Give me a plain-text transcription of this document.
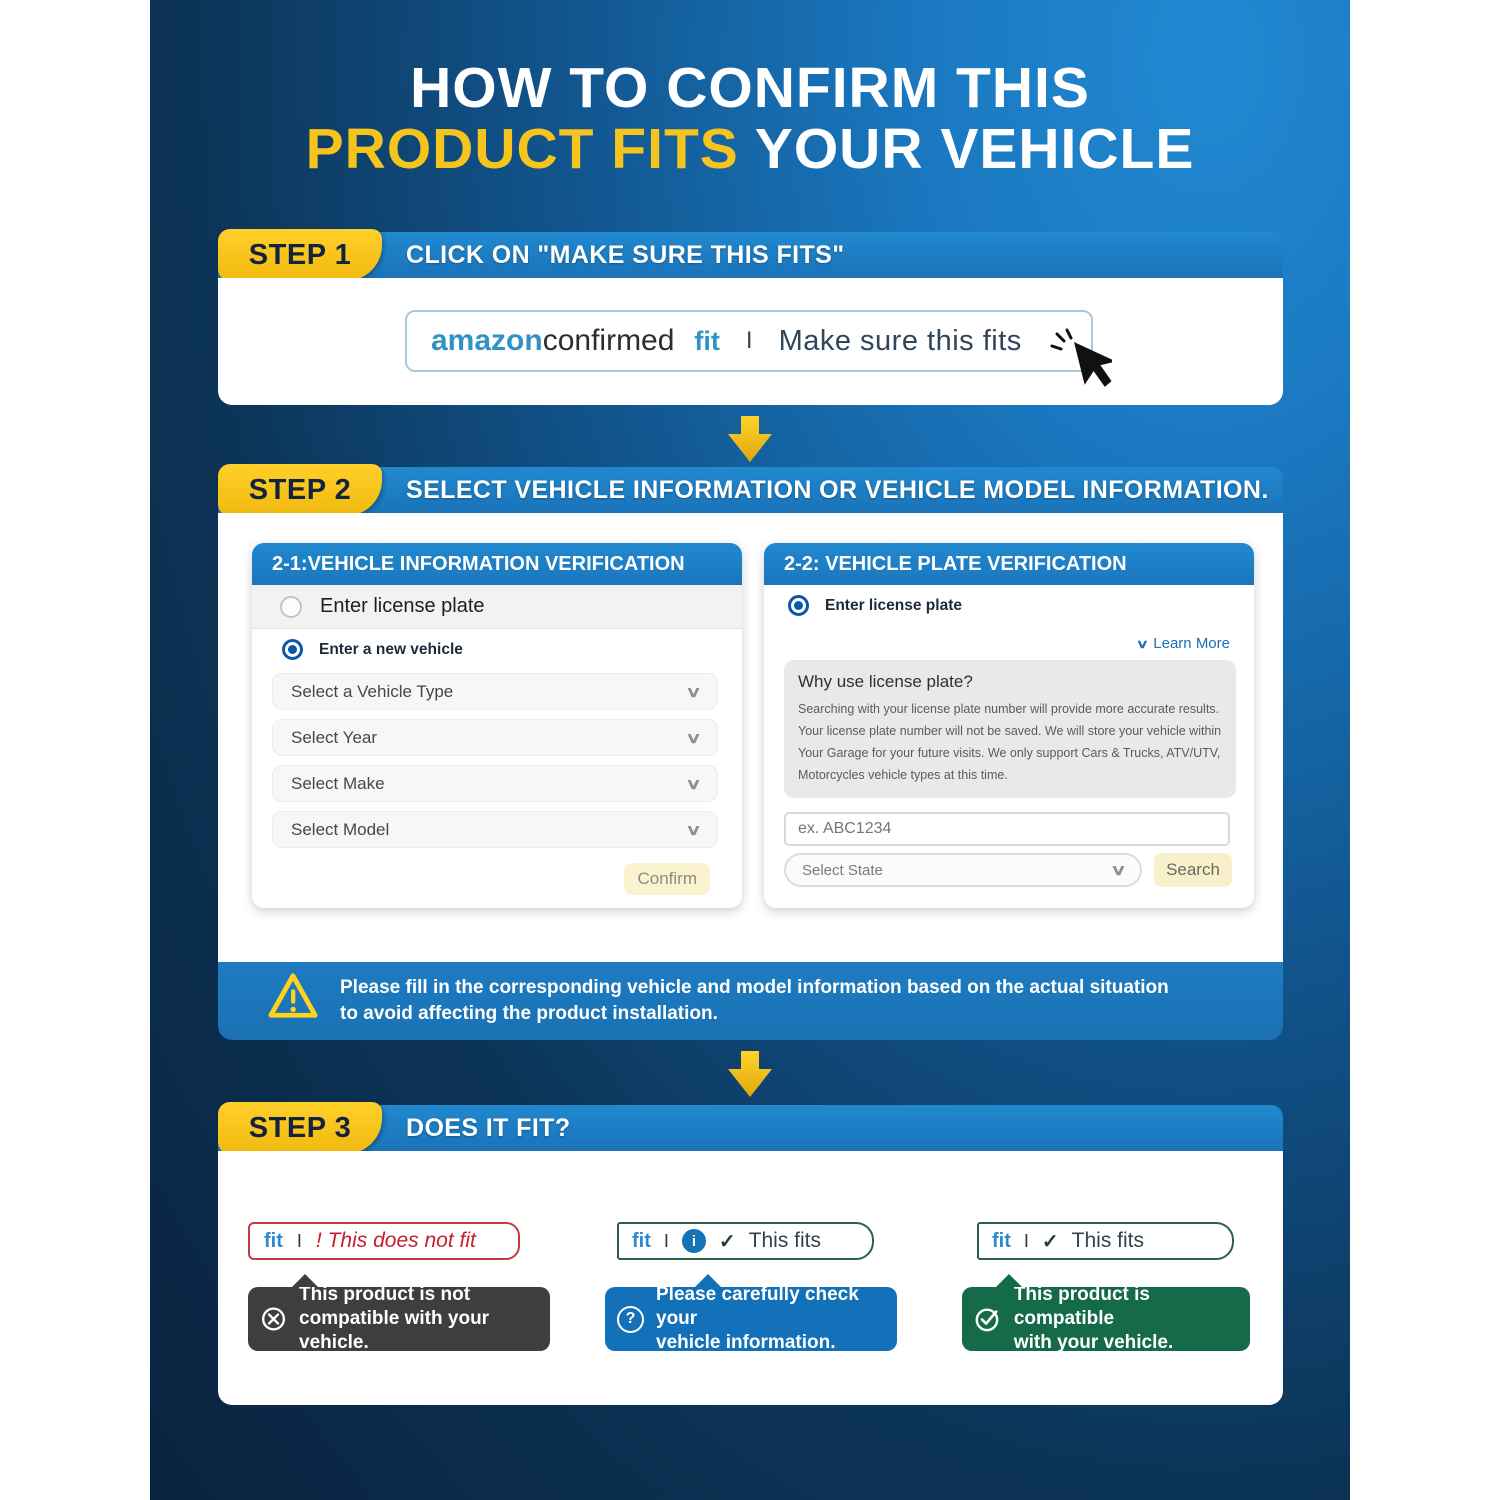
HOW TO CONFIRM THIS
PRODUCT FITS YOUR VEHICLE
CLICK ON "MAKE SURE THIS FITS"
STEP 1
amazon confirmed fit I Make sure this fits
SELECT VEHICLE INFORMATION OR VEHICLE MODEL INFORMATION.
STEP 2
2-1:VEHICLE INFORMATION VERIFICATION
Enter license plate
Enter a new vehicle
Select a Vehicle Type	∨
Select Year	∨
Select Make	∨
Select Model	∨
Confirm
2-2: VEHICLE PLATE VERIFICATION
Enter license plate
∨ Learn More
Why use license plate?
Searching with your license plate number will provide more accurate results. Your license plate number will not be saved. We will store your vehicle within Your Garage for your future visits. We only support Cars & Trucks, ATV/UTV, Motorcycles vehicle types at this time.
ex. ABC1234
Select State	∨	Search
Please fill in the corresponding vehicle and model information based on the actual situation
to avoid affecting the product installation.
DOES IT FIT?
STEP 3
fit I ! This does not fit	fit I	i	✓ This fits	fit I ✓ This fits
This product is not
compatible with your vehicle.
?
Please carefully check your
vehicle information.
This product is compatible
with your vehicle.
